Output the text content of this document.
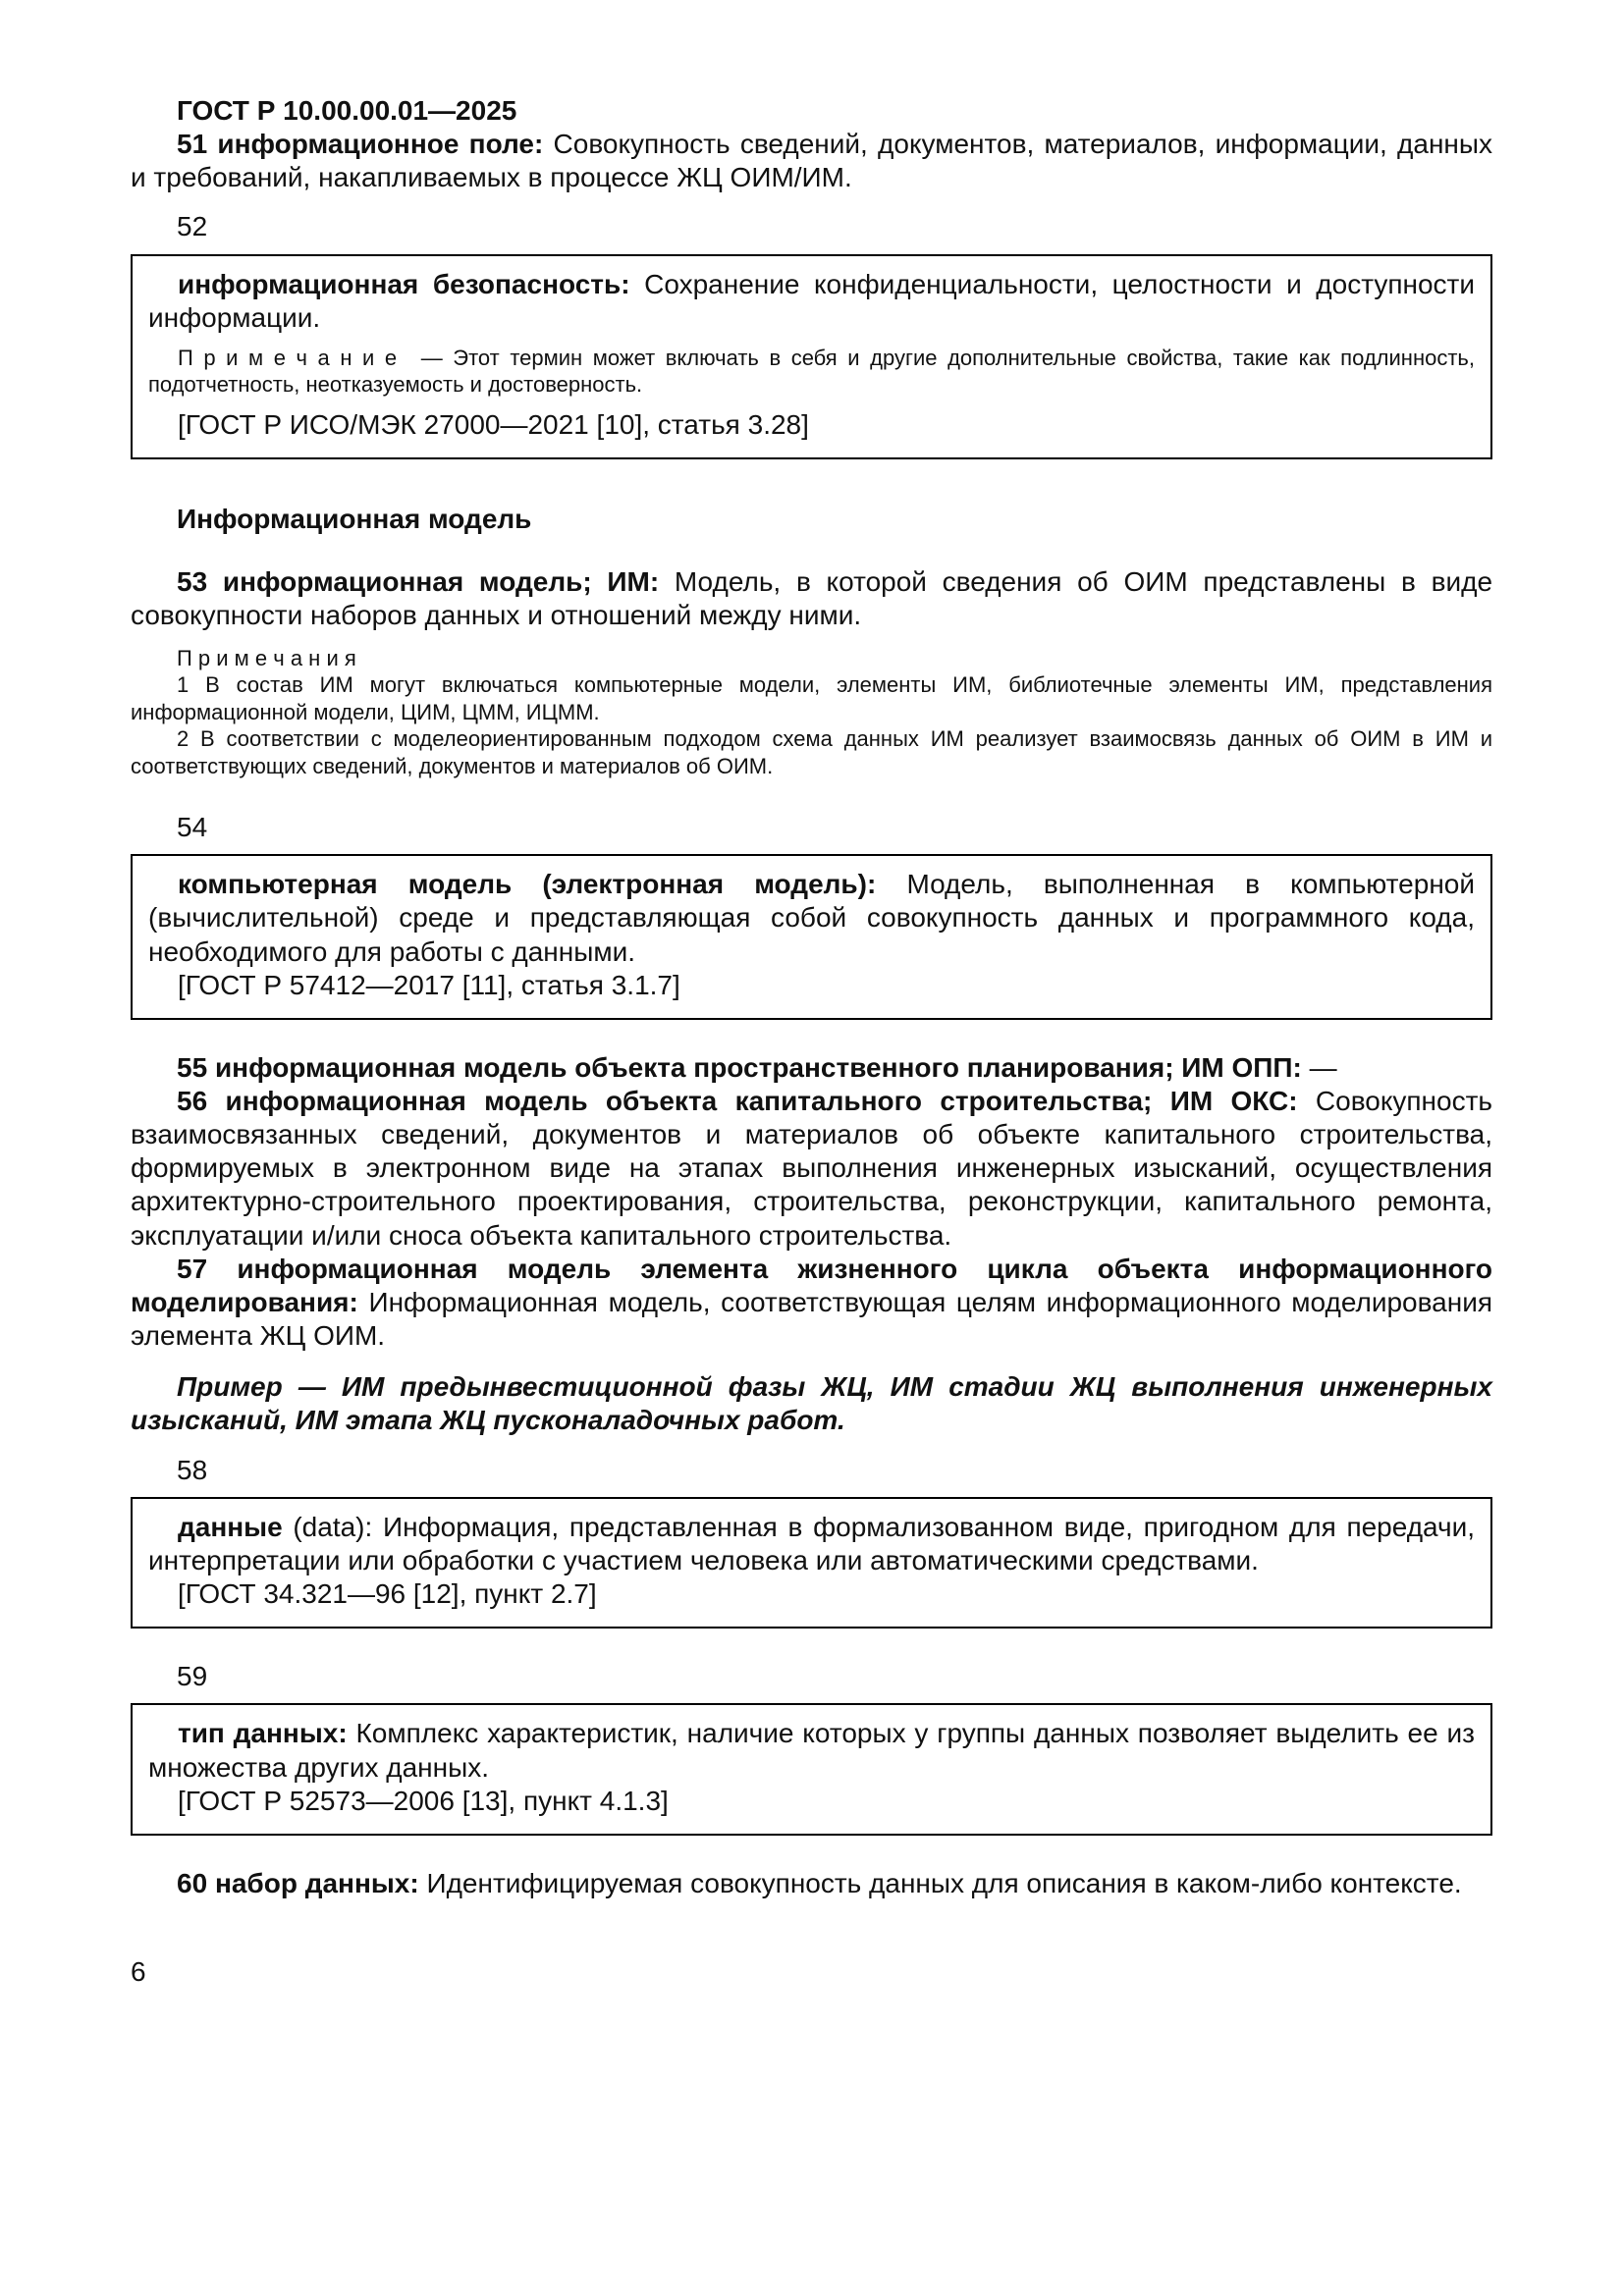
ГОСТ Р 10.00.00.01—2025

51 информационное поле: Совокупность сведений, документов, материалов, информации, данных и требований, накапливаемых в процессе ЖЦ ОИМ/ИМ.

52

информационная безопасность: Сохранение конфиденциальности, целостности и доступности информации.

П р и м е ч а н и е — Этот термин может включать в себя и другие дополнительные свойства, такие как подлинность, подотчетность, неотказуемость и достоверность.

[ГОСТ Р ИСО/МЭК 27000—2021 [10], статья 3.28]

Информационная модель

53 информационная модель; ИМ: Модель, в которой сведения об ОИМ представлены в виде совокупности наборов данных и отношений между ними.

П р и м е ч а н и я

1 В состав ИМ могут включаться компьютерные модели, элементы ИМ, библиотечные элементы ИМ, представления информационной модели, ЦИМ, ЦММ, ИЦММ.

2 В соответствии с моделеориентированным подходом схема данных ИМ реализует взаимосвязь данных об ОИМ в ИМ и соответствующих сведений, документов и материалов об ОИМ.

54

компьютерная модель (электронная модель): Модель, выполненная в компьютерной (вычислительной) среде и представляющая собой совокупность данных и программного кода, необходимого для работы с данными.

[ГОСТ Р 57412—2017 [11], статья 3.1.7]

55 информационная модель объекта пространственного планирования; ИМ ОПП: —

56 информационная модель объекта капитального строительства; ИМ ОКС: Совокупность взаимосвязанных сведений, документов и материалов об объекте капитального строительства, формируемых в электронном виде на этапах выполнения инженерных изысканий, осуществления архитектурно-строительного проектирования, строительства, реконструкции, капитального ремонта, эксплуатации и/или сноса объекта капитального строительства.

57 информационная модель элемента жизненного цикла объекта информационного моделирования: Информационная модель, соответствующая целям информационного моделирования элемента ЖЦ ОИМ.

Пример — ИМ предынвестиционной фазы ЖЦ, ИМ стадии ЖЦ выполнения инженерных изысканий, ИМ этапа ЖЦ пусконаладочных работ.

58

данные (data): Информация, представленная в формализованном виде, пригодном для передачи, интерпретации или обработки с участием человека или автоматическими средствами.

[ГОСТ 34.321—96 [12], пункт 2.7]

59

тип данных: Комплекс характеристик, наличие которых у группы данных позволяет выделить ее из множества других данных.

[ГОСТ Р 52573—2006 [13], пункт 4.1.3]

60 набор данных: Идентифицируемая совокупность данных для описания в каком-либо контексте.

6
